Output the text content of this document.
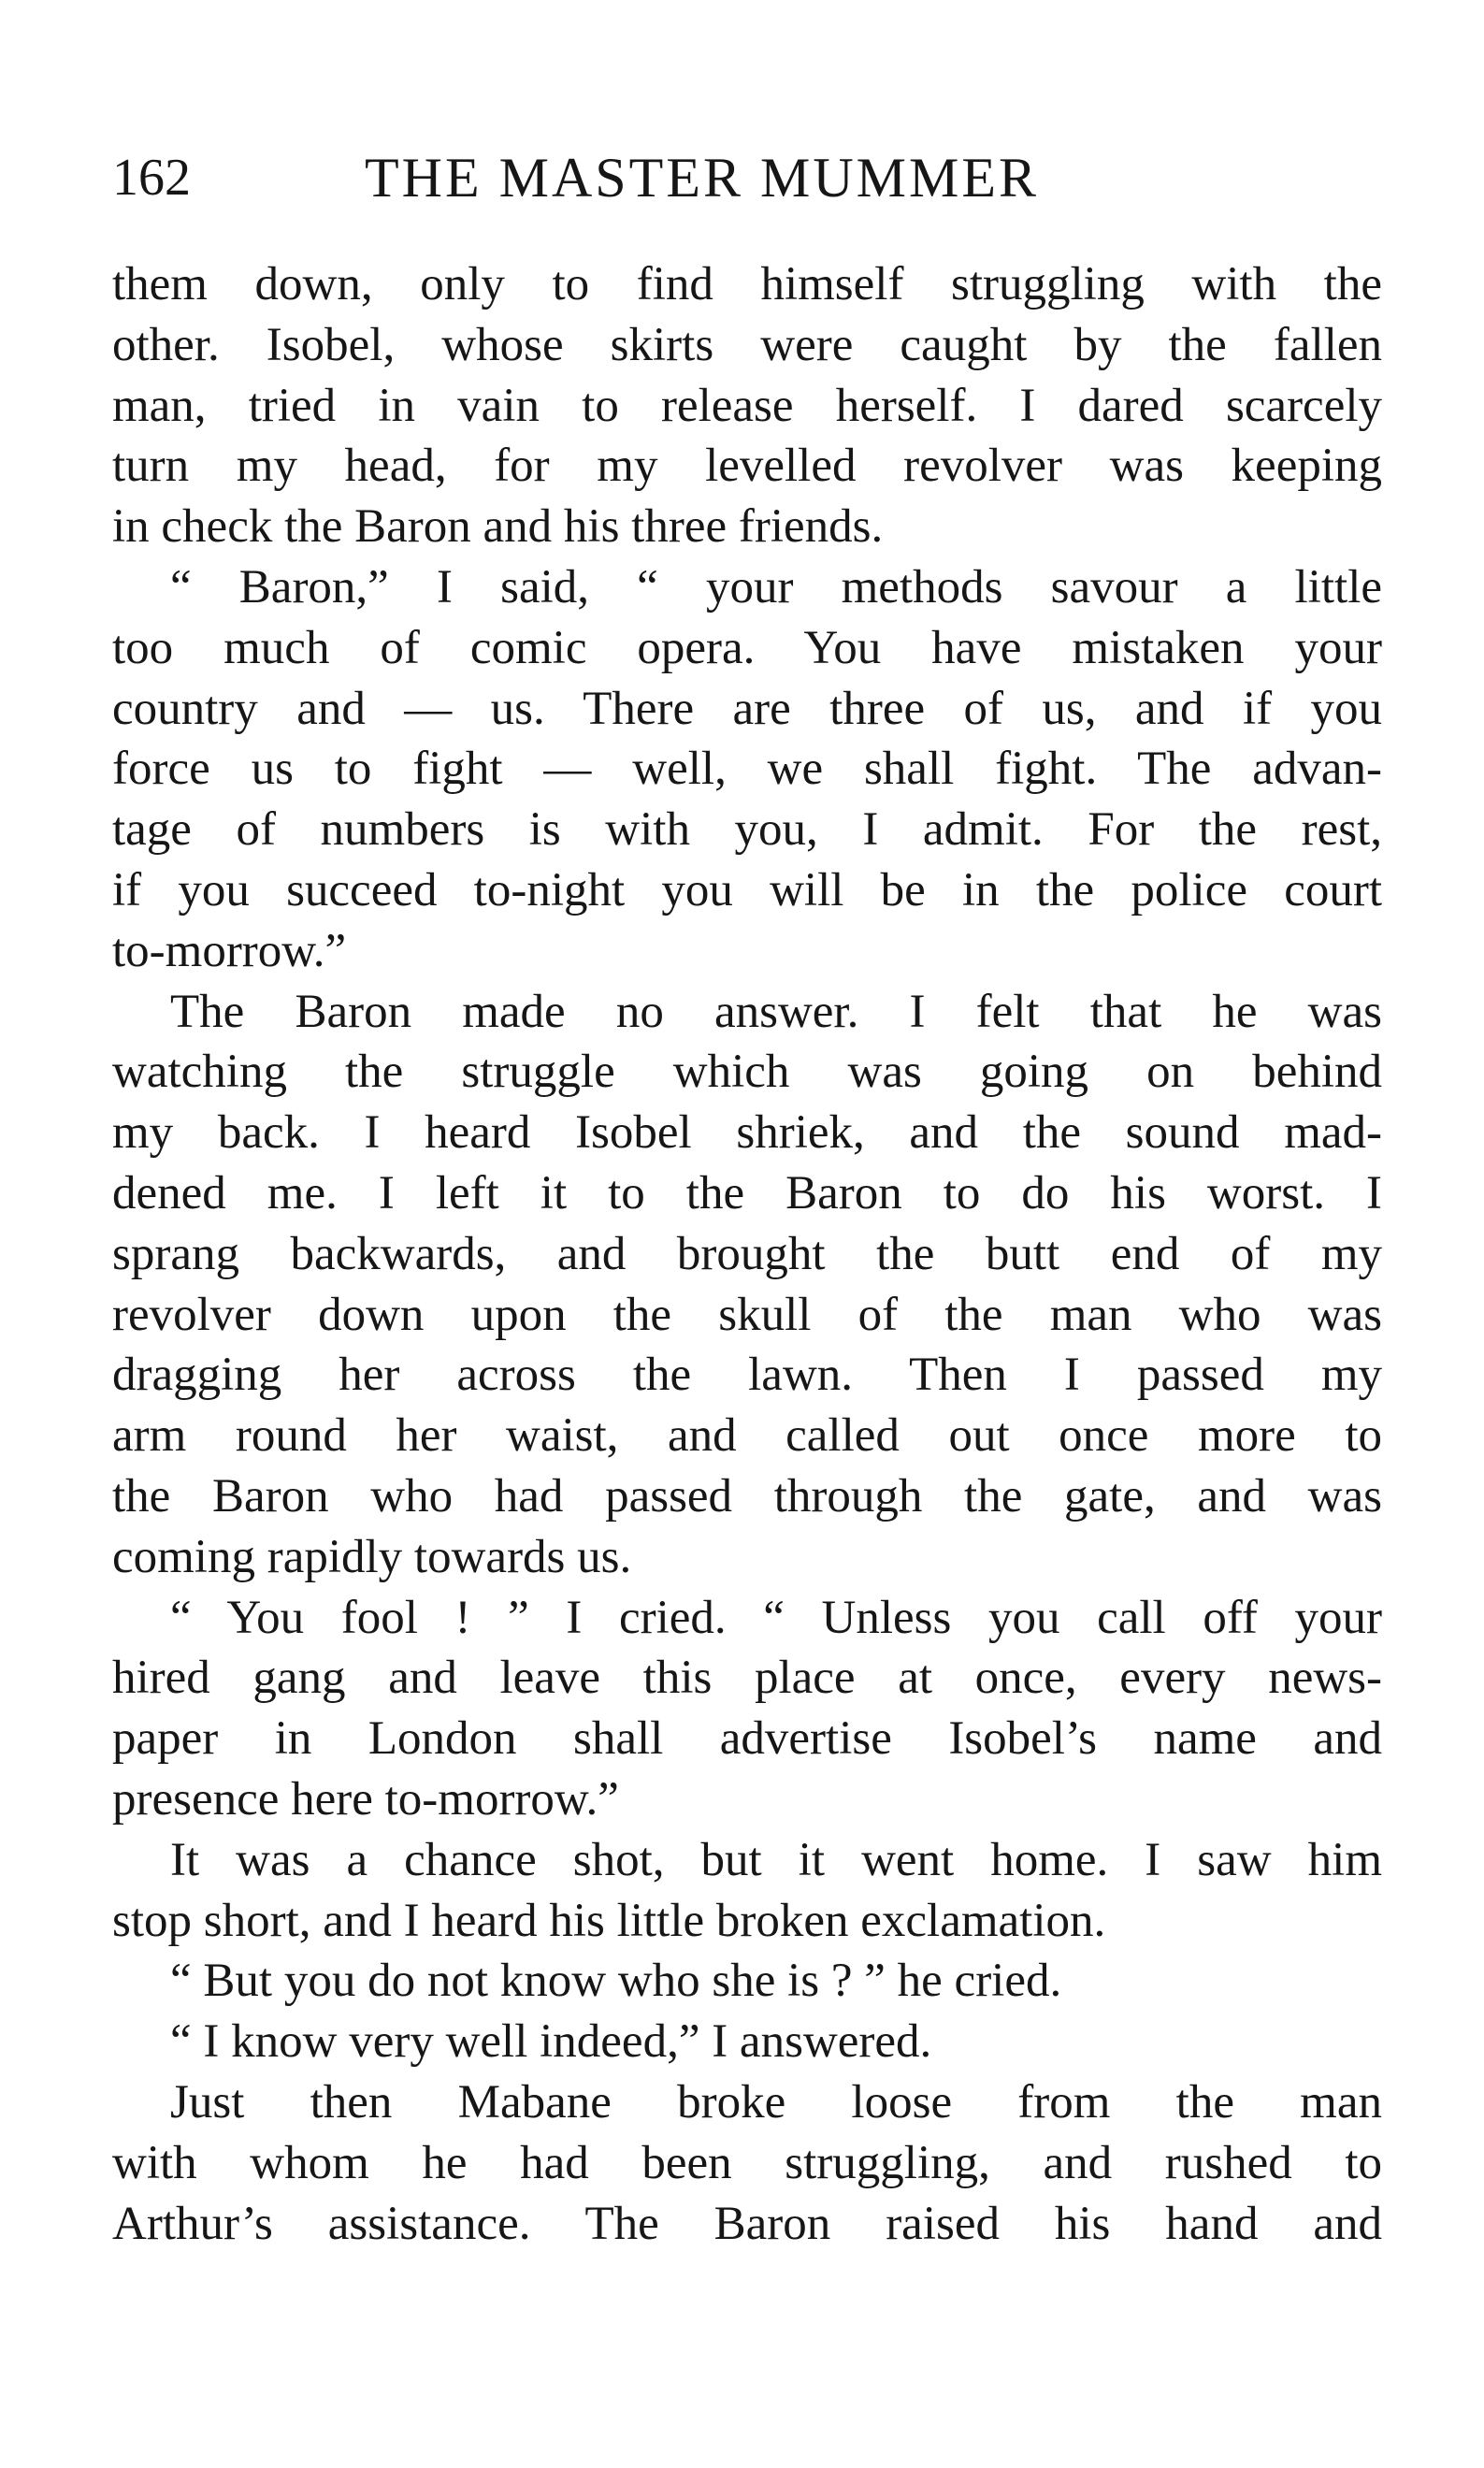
162	THE MASTER MUMMER
them down, only to find himself struggling with the
other. Isobel, whose skirts were caught by the fallen
man, tried in vain to release herself. I dared scarcely
turn my head, for my levelled revolver was keeping
in check the Baron and his three friends.
“ Baron,” I said, “ your methods savour a little
too much of comic opera. You have mistaken your
country and — us. There are three of us, and if you
force us to fight — well, we shall fight. The advan-
tage of numbers is with you, I admit. For the rest,
if you succeed to-night you will be in the police court
to-morrow.”
The Baron made no answer. I felt that he was
watching the struggle which was going on behind
my back. I heard Isobel shriek, and the sound mad-
dened me. I left it to the Baron to do his worst. I
sprang backwards, and brought the butt end of my
revolver down upon the skull of the man who was
dragging her across the lawn. Then I passed my
arm round her waist, and called out once more to
the Baron who had passed through the gate, and was
coming rapidly towards us.
“ You fool ! ” I cried. “ Unless you call off your
hired gang and leave this place at once, every news-
paper in London shall advertise Isobel’s name and
presence here to-morrow.”
It was a chance shot, but it went home. I saw him
stop short, and I heard his little broken exclamation.
“ But you do not know who she is ? ” he cried.
“ I know very well indeed,” I answered.
Just then Mabane broke loose from the man
with whom he had been struggling, and rushed to
Arthur’s assistance. The Baron raised his hand and
